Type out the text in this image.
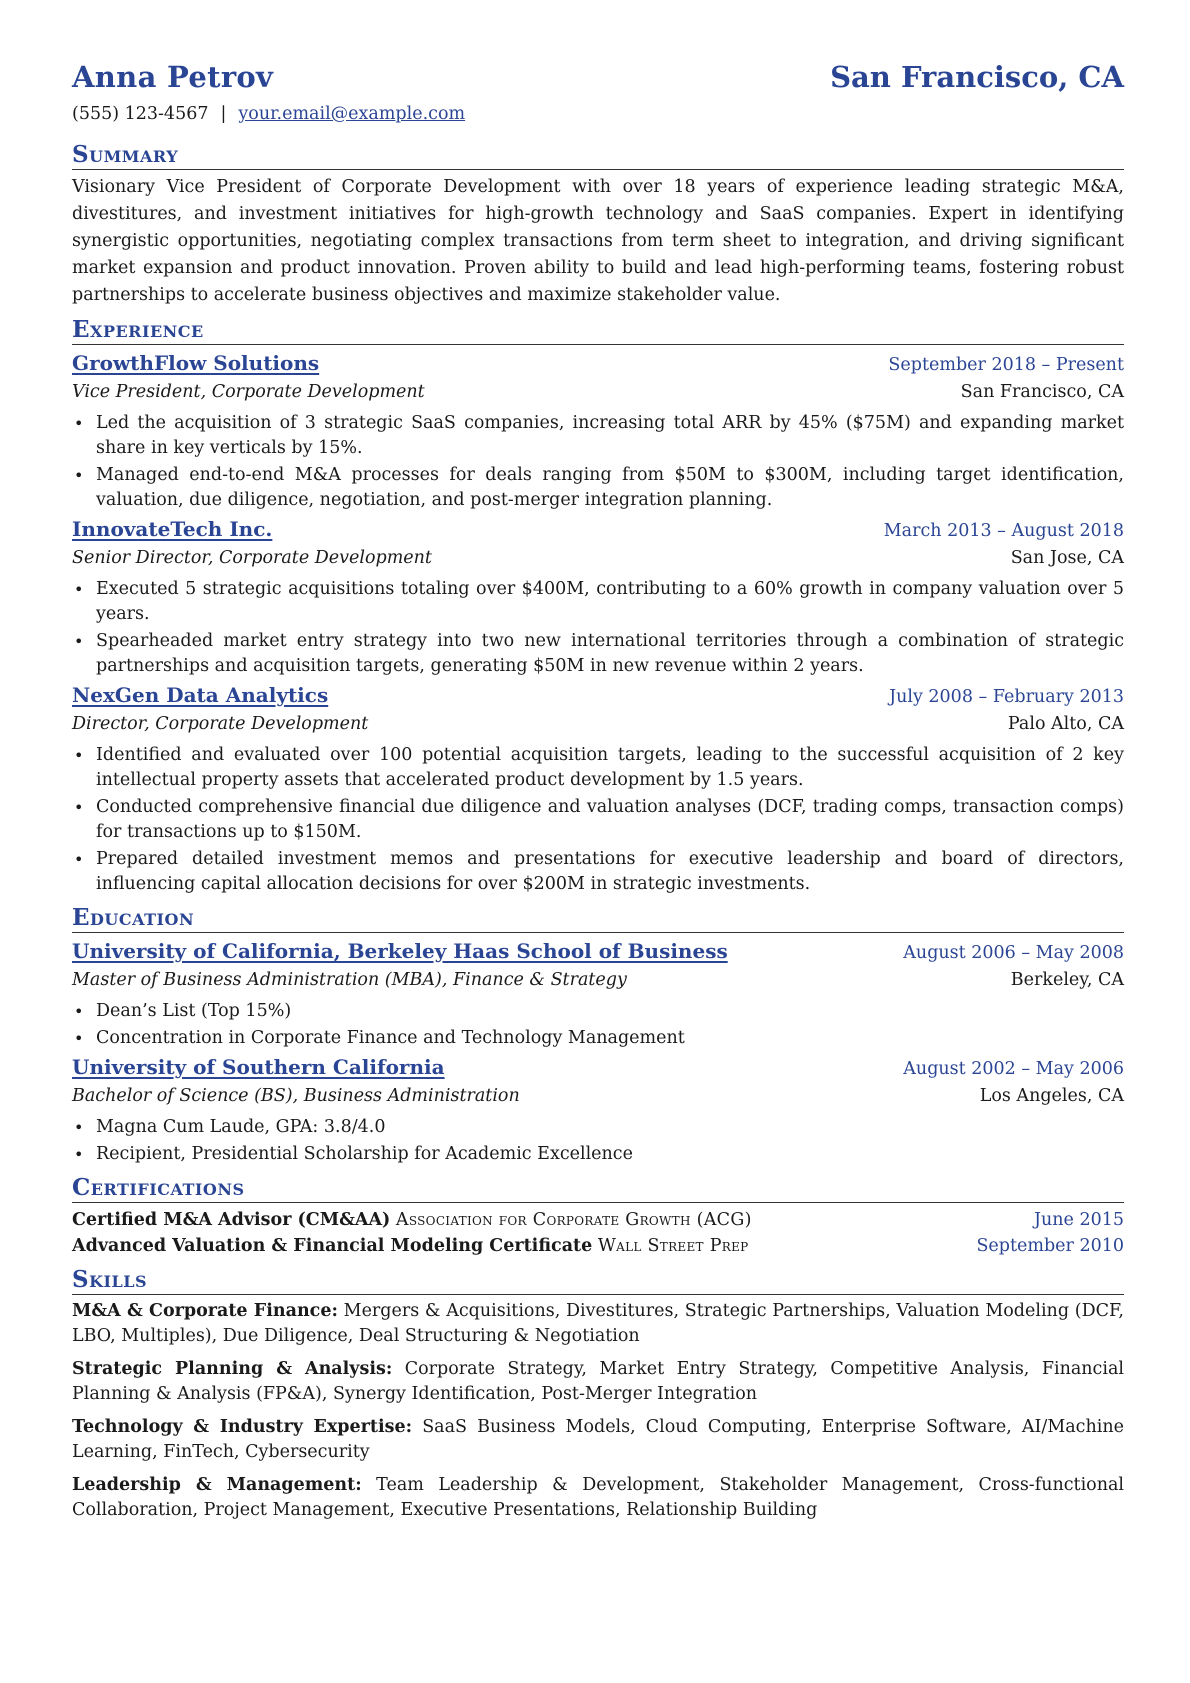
Anna Petrov	San Francisco, CA
(555) 123-4567 | your.email@example.com
Summary
Visionary Vice President of Corporate Development with over 18 years of experience leading strategic M&A, divestitures, and investment initiatives for high-growth technology and SaaS companies. Expert in identifying synergistic opportunities, negotiating complex transactions from term sheet to integration, and driving significant market expansion and product innovation. Proven ability to build and lead high-performing teams, fostering robust partnerships to accelerate business objectives and maximize stakeholder value.
Experience
GrowthFlow Solutions	September 2018 – Present
Vice President, Corporate Development	San Francisco, CA
• Led the acquisition of 3 strategic SaaS companies, increasing total ARR by 45% ($75M) and expanding market share in key verticals by 15%.
• Managed end-to-end M&A processes for deals ranging from $50M to $300M, including target identification, valuation, due diligence, negotiation, and post-merger integration planning.
InnovateTech Inc.	March 2013 – August 2018
Senior Director, Corporate Development	San Jose, CA
• Executed 5 strategic acquisitions totaling over $400M, contributing to a 60% growth in company valuation over 5 years.
• Spearheaded market entry strategy into two new international territories through a combination of strategic partnerships and acquisition targets, generating $50M in new revenue within 2 years.
NexGen Data Analytics	July 2008 – February 2013
Director, Corporate Development	Palo Alto, CA
• Identified and evaluated over 100 potential acquisition targets, leading to the successful acquisition of 2 key intellectual property assets that accelerated product development by 1.5 years.
• Conducted comprehensive financial due diligence and valuation analyses (DCF, trading comps, transaction comps) for transactions up to $150M.
• Prepared detailed investment memos and presentations for executive leadership and board of directors, influencing capital allocation decisions for over $200M in strategic investments.
Education
University of California, Berkeley Haas School of Business	August 2006 – May 2008
Master of Business Administration (MBA), Finance & Strategy	Berkeley, CA
• Dean’s List (Top 15%)
• Concentration in Corporate Finance and Technology Management
University of Southern California	August 2002 – May 2006
Bachelor of Science (BS), Business Administration	Los Angeles, CA
• Magna Cum Laude, GPA: 3.8/4.0
• Recipient, Presidential Scholarship for Academic Excellence
Certifications
Certified M&A Advisor (CM&AA) Association for Corporate Growth (ACG)	June 2015
Advanced Valuation & Financial Modeling Certificate Wall Street Prep	September 2010
Skills
M&A & Corporate Finance: Mergers & Acquisitions, Divestitures, Strategic Partnerships, Valuation Modeling (DCF, LBO, Multiples), Due Diligence, Deal Structuring & Negotiation
Strategic Planning & Analysis: Corporate Strategy, Market Entry Strategy, Competitive Analysis, Financial Planning & Analysis (FP&A), Synergy Identification, Post-Merger Integration
Technology & Industry Expertise: SaaS Business Models, Cloud Computing, Enterprise Software, AI/Machine Learning, FinTech, Cybersecurity
Leadership & Management: Team Leadership & Development, Stakeholder Management, Cross-functional Collaboration, Project Management, Executive Presentations, Relationship Building
